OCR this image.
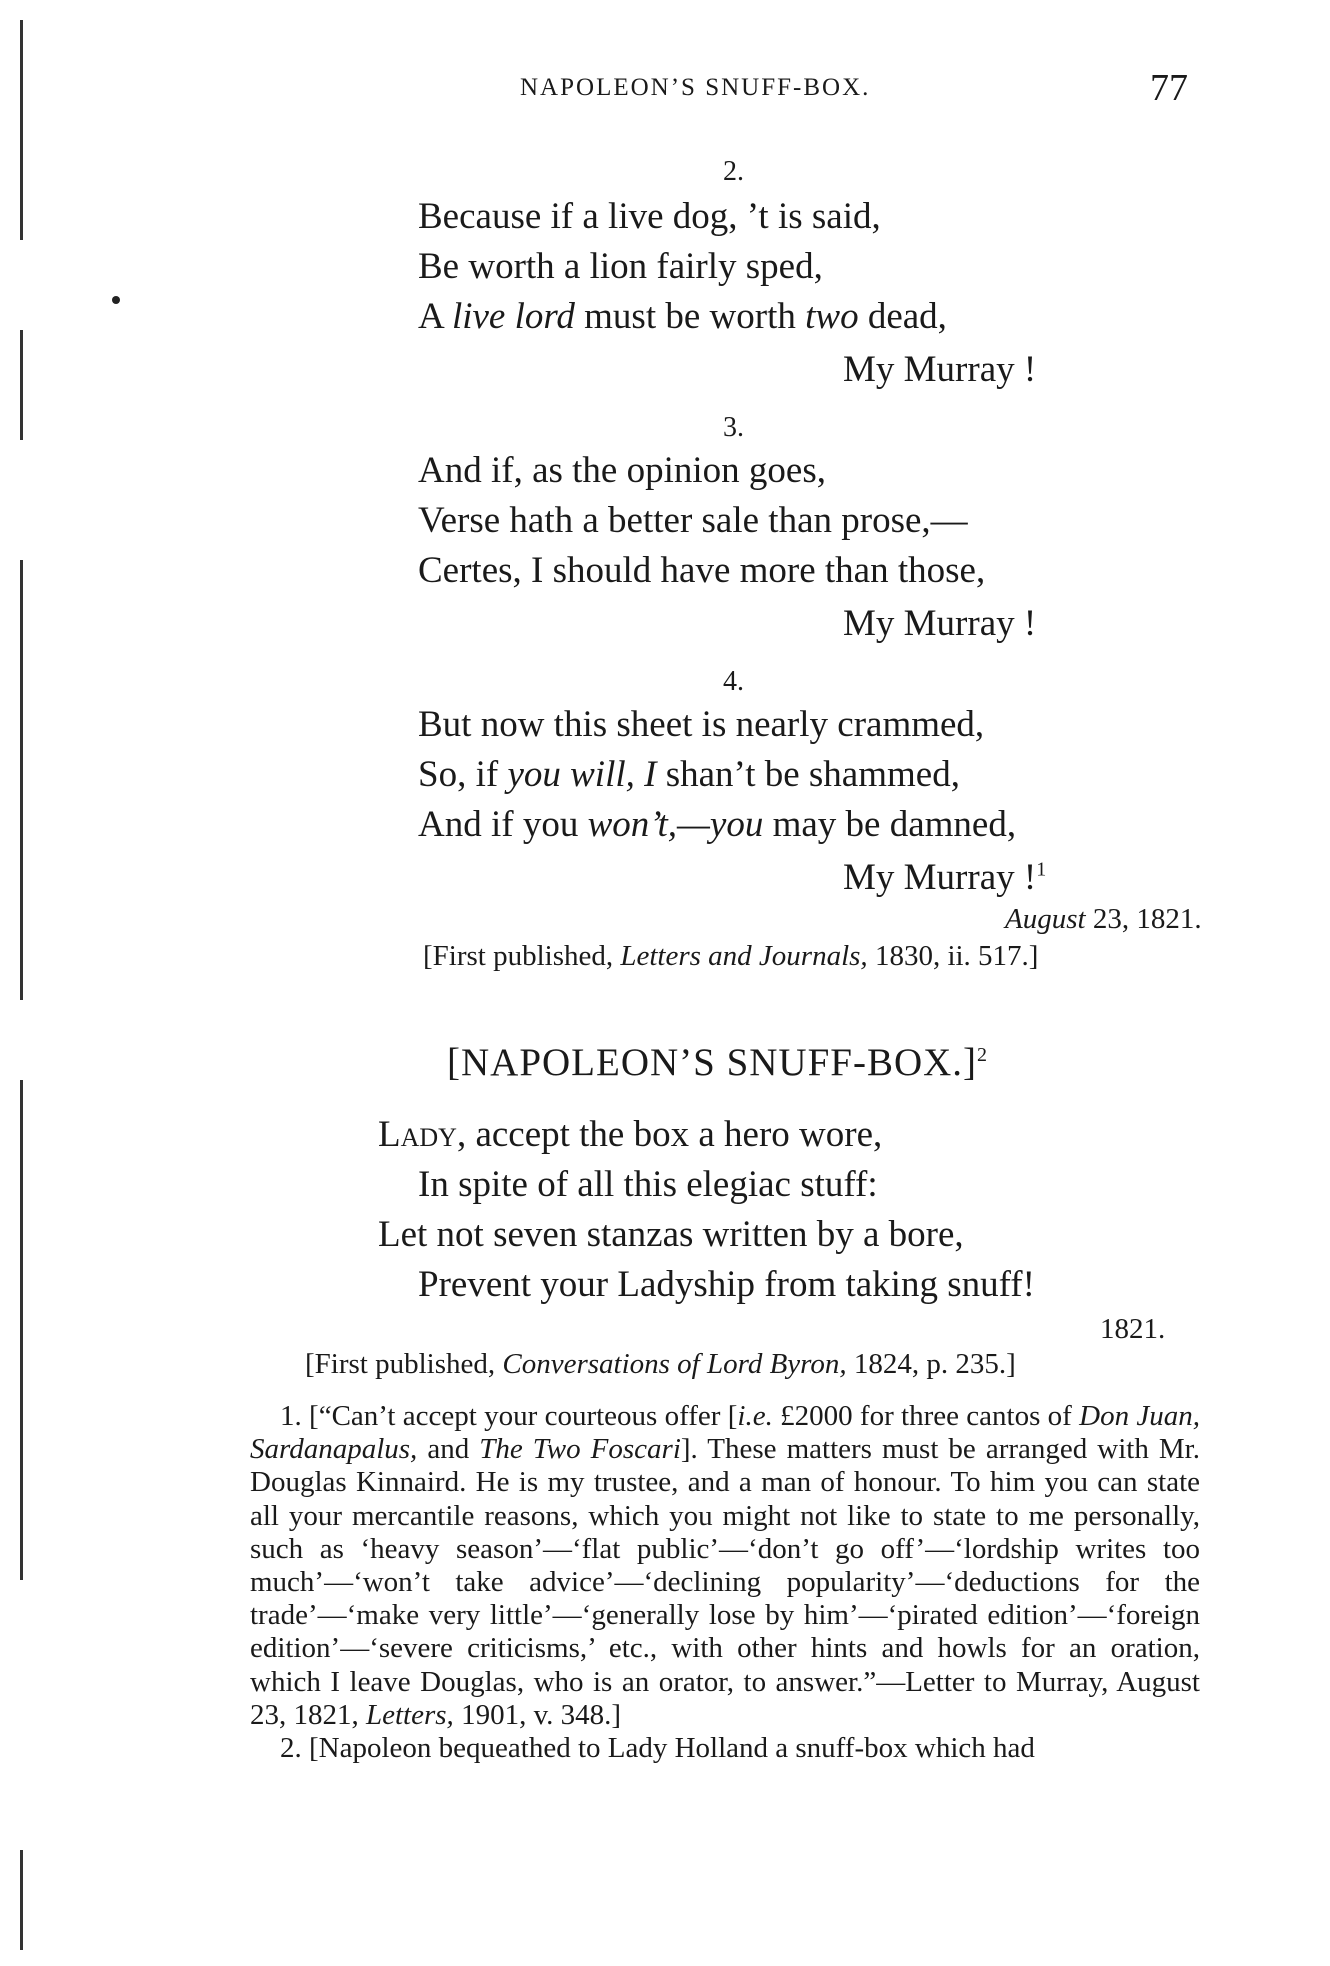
NAPOLEON’S SNUFF-BOX.	77
2.
Because if a live dog, ’t is said,
Be worth a lion fairly sped,
A live lord must be worth two dead,
My Murray !
3.
And if, as the opinion goes,
Verse hath a better sale than prose,—
Certes, I should have more than those,
My Murray !
4.
But now this sheet is nearly crammed,
So, if you will, I shan’t be shammed,
And if you won’t,—you may be damned,
My Murray !$^1$
August 23, 1821.
[First published, Letters and Journals, 1830, ii. 517.]
[NAPOLEON’S SNUFF-BOX.]$^2$
Lady, accept the box a hero wore,
In spite of all this elegiac stuff:
Let not seven stanzas written by a bore,
Prevent your Ladyship from taking snuff!
1821.
[First published, Conversations of Lord Byron, 1824, p. 235.]

1. [“Can’t accept your courteous offer [i.e. £2000 for three cantos of Don Juan, Sardanapalus, and The Two Foscari]. These matters must be arranged with Mr. Douglas Kinnaird. He is my trustee, and a man of honour. To him you can state all your mercantile reasons, which you might not like to state to me personally, such as ‘heavy season’—‘flat public’—‘don’t go off’—‘lordship writes too much’—‘won’t take advice’—‘declining popularity’—‘deductions for the trade’—‘make very little’—‘generally lose by him’—‘pirated edition’—‘foreign edition’—‘severe criticisms,’ etc., with other hints and howls for an oration, which I leave Douglas, who is an orator, to answer.”—Letter to Murray, August 23, 1821, Letters, 1901, v. 348.]

2. [Napoleon bequeathed to Lady Holland a snuff-box which had
